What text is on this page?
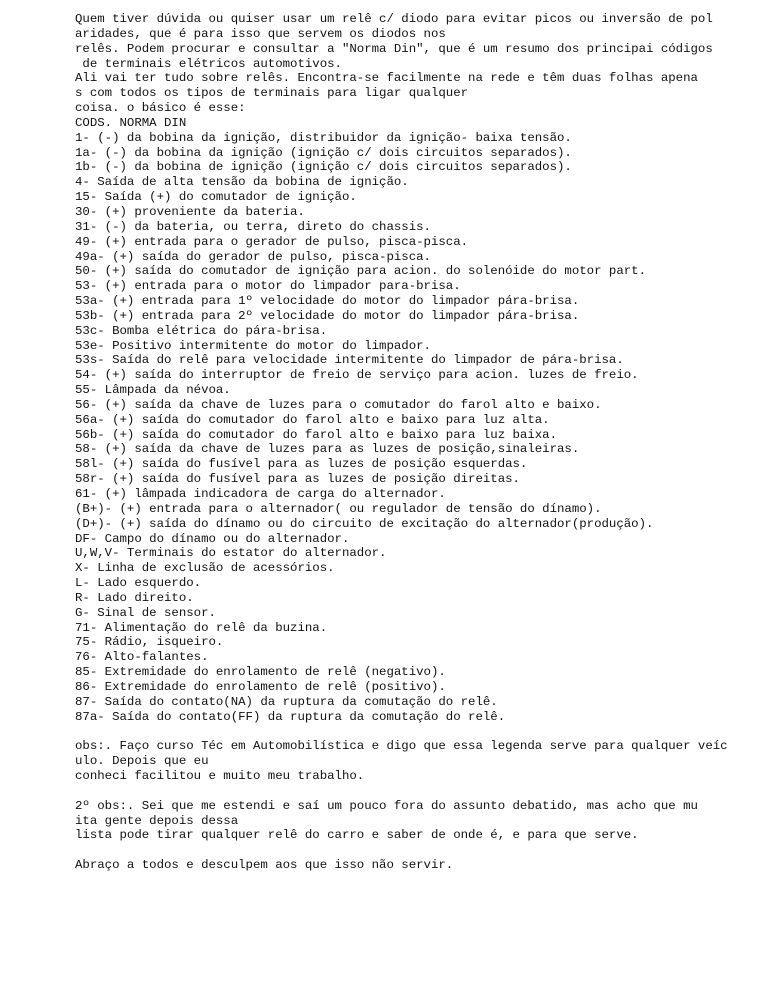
Quem tiver dúvida ou quiser usar um relê c/ diodo para evitar picos ou inversão de pol
aridades, que é para isso que servem os diodos nos
relês. Podem procurar e consultar a "Norma Din", que é um resumo dos principai códigos
de terminais elétricos automotivos.
Ali vai ter tudo sobre relês. Encontra-se facilmente na rede e têm duas folhas apena
s com todos os tipos de terminais para ligar qualquer
coisa. o básico é esse:
CODS. NORMA DIN
1- (-) da bobina da ignição, distribuidor da ignição- baixa tensão.
1a- (-) da bobina da ignição (ignição c/ dois circuitos separados).
1b- (-) da bobina de ignição (ignição c/ dois circuitos separados).
4- Saída de alta tensão da bobina de ignição.
15- Saída (+) do comutador de ignição.
30- (+) proveniente da bateria.
31- (-) da bateria, ou terra, direto do chassis.
49- (+) entrada para o gerador de pulso, pisca-pisca.
49a- (+) saída do gerador de pulso, pisca-pisca.
50- (+) saída do comutador de ignição para acion. do solenóide do motor part.
53- (+) entrada para o motor do limpador para-brisa.
53a- (+) entrada para 1º velocidade do motor do limpador pára-brisa.
53b- (+) entrada para 2º velocidade do motor do limpador pára-brisa.
53c- Bomba elétrica do pára-brisa.
53e- Positivo intermitente do motor do limpador.
53s- Saída do relê para velocidade intermitente do limpador de pára-brisa.
54- (+) saída do interruptor de freio de serviço para acion. luzes de freio.
55- Lâmpada da névoa.
56- (+) saída da chave de luzes para o comutador do farol alto e baixo.
56a- (+) saída do comutador do farol alto e baixo para luz alta.
56b- (+) saída do comutador do farol alto e baixo para luz baixa.
58- (+) saída da chave de luzes para as luzes de posição,sinaleiras.
58l- (+) saída do fusível para as luzes de posição esquerdas.
58r- (+) saída do fusível para as luzes de posição direitas.
61- (+) lâmpada indicadora de carga do alternador.
(B+)- (+) entrada para o alternador( ou regulador de tensão do dínamo).
(D+)- (+) saída do dínamo ou do circuito de excitação do alternador(produção).
DF- Campo do dínamo ou do alternador.
U,W,V- Terminais do estator do alternador.
X- Linha de exclusão de acessórios.
L- Lado esquerdo.
R- Lado direito.
G- Sinal de sensor.
71- Alimentação do relê da buzina.
75- Rádio, isqueiro.
76- Alto-falantes.
85- Extremidade do enrolamento de relê (negativo).
86- Extremidade do enrolamento de relê (positivo).
87- Saída do contato(NA) da ruptura da comutação do relê.
87a- Saída do contato(FF) da ruptura da comutação do relê.
obs:. Faço curso Téc em Automobilística e digo que essa legenda serve para qualquer veíc
ulo. Depois que eu
conheci facilitou e muito meu trabalho.
2º obs:. Sei que me estendi e saí um pouco fora do assunto debatido, mas acho que mu
ita gente depois dessa
lista pode tirar qualquer relê do carro e saber de onde é, e para que serve.
Abraço a todos e desculpem aos que isso não servir.
